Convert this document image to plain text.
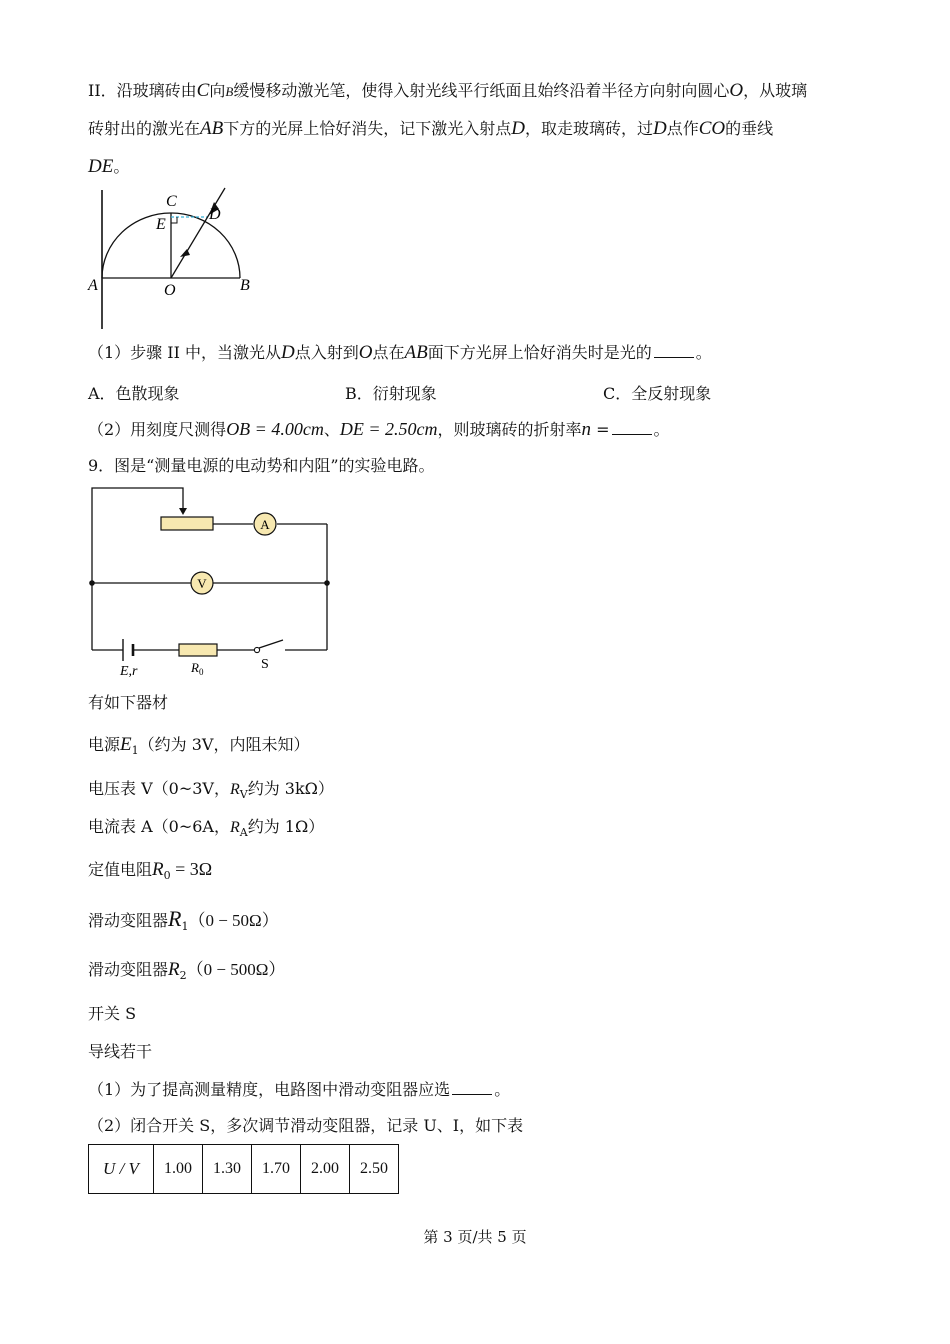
II．沿玻璃砖由C向B缓慢移动激光笔，使得入射光线平行纸面且始终沿着半径方向射向圆心O，从玻璃
砖射出的激光在AB下方的光屏上恰好消失，记下激光入射点D，取走玻璃砖，过D点作CO的垂线
DE。
C
D
E
A	O	B
（1）步骤 II 中，当激光从D点入射到O点在AB面下方光屏上恰好消失时是光的	。
A．色散现象	B．衍射现象	C．全反射现象
（2）用刻度尺测得OB = 4.00cm、DE = 2.50cm，则玻璃砖的折射率n =	。
9．图是“测量电源的电动势和内阻”的实验电路。
A
V
E,r	$R_0$	S
有如下器材
电源$E_1$（约为 3V，内阻未知）
电压表 V（0~3V，$R_V$约为 3kΩ）
电流表 A（0~6A，$R_A$约为 1Ω）
定值电阻$R_0 = 3\Omega$
滑动变阻器$R_1(0 - 50\Omega)$
滑动变阻器$R_2(0 - 500\Omega)$
开关 S
导线若干
（1）为了提高测量精度，电路图中滑动变阻器应选	。
（2）闭合开关 S，多次调节滑动变阻器，记录 U、I，如下表
U / V	1.00	1.30	1.70	2.00	2.50
第 3 页/共 5 页
